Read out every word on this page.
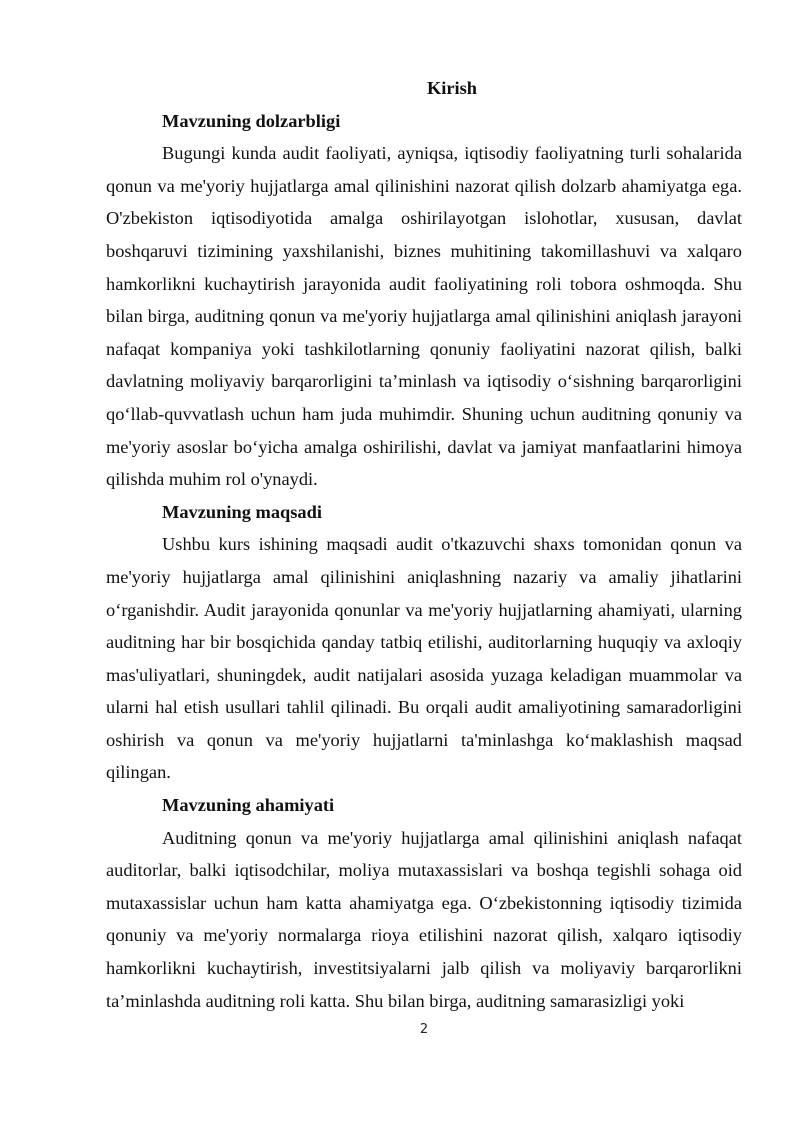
Kirish

Mavzuning dolzarbligi

Bugungi kunda audit faoliyati, ayniqsa, iqtisodiy faoliyatning turli sohalarida qonun va me'yoriy hujjatlarga amal qilinishini nazorat qilish dolzarb ahamiyatga ega. O'zbekiston iqtisodiyotida amalga oshirilayotgan islohotlar, xususan, davlat boshqaruvi tizimining yaxshilanishi, biznes muhitining takomillashuvi va xalqaro hamkorlikni kuchaytirish jarayonida audit faoliyatining roli tobora oshmoqda. Shu bilan birga, auditning qonun va me'yoriy hujjatlarga amal qilinishini aniqlash jarayoni nafaqat kompaniya yoki tashkilotlarning qonuniy faoliyatini nazorat qilish, balki davlatning moliyaviy barqarorligini ta’minlash va iqtisodiy o‘sishning barqarorligini qo‘llab-quvvatlash uchun ham juda muhimdir. Shuning uchun auditning qonuniy va me'yoriy asoslar bo‘yicha amalga oshirilishi, davlat va jamiyat manfaatlarini himoya qilishda muhim rol o'ynaydi.

Mavzuning maqsadi

Ushbu kurs ishining maqsadi audit o'tkazuvchi shaxs tomonidan qonun va me'yoriy hujjatlarga amal qilinishini aniqlashning nazariy va amaliy jihatlarini o‘rganishdir. Audit jarayonida qonunlar va me'yoriy hujjatlarning ahamiyati, ularning auditning har bir bosqichida qanday tatbiq etilishi, auditorlarning huquqiy va axloqiy mas'uliyatlari, shuningdek, audit natijalari asosida yuzaga keladigan muammolar va ularni hal etish usullari tahlil qilinadi. Bu orqali audit amaliyotining samaradorligini oshirish va qonun va me'yoriy hujjatlarni ta'minlashga ko‘maklashish maqsad qilingan.

Mavzuning ahamiyati

Auditning qonun va me'yoriy hujjatlarga amal qilinishini aniqlash nafaqat auditorlar, balki iqtisodchilar, moliya mutaxassislari va boshqa tegishli sohaga oid mutaxassislar uchun ham katta ahamiyatga ega. O‘zbekistonning iqtisodiy tizimida qonuniy va me'yoriy normalarga rioya etilishini nazorat qilish, xalqaro iqtisodiy hamkorlikni kuchaytirish, investitsiyalarni jalb qilish va moliyaviy barqarorlikni ta’minlashda auditning roli katta. Shu bilan birga, auditning samarasizligi yoki

2
